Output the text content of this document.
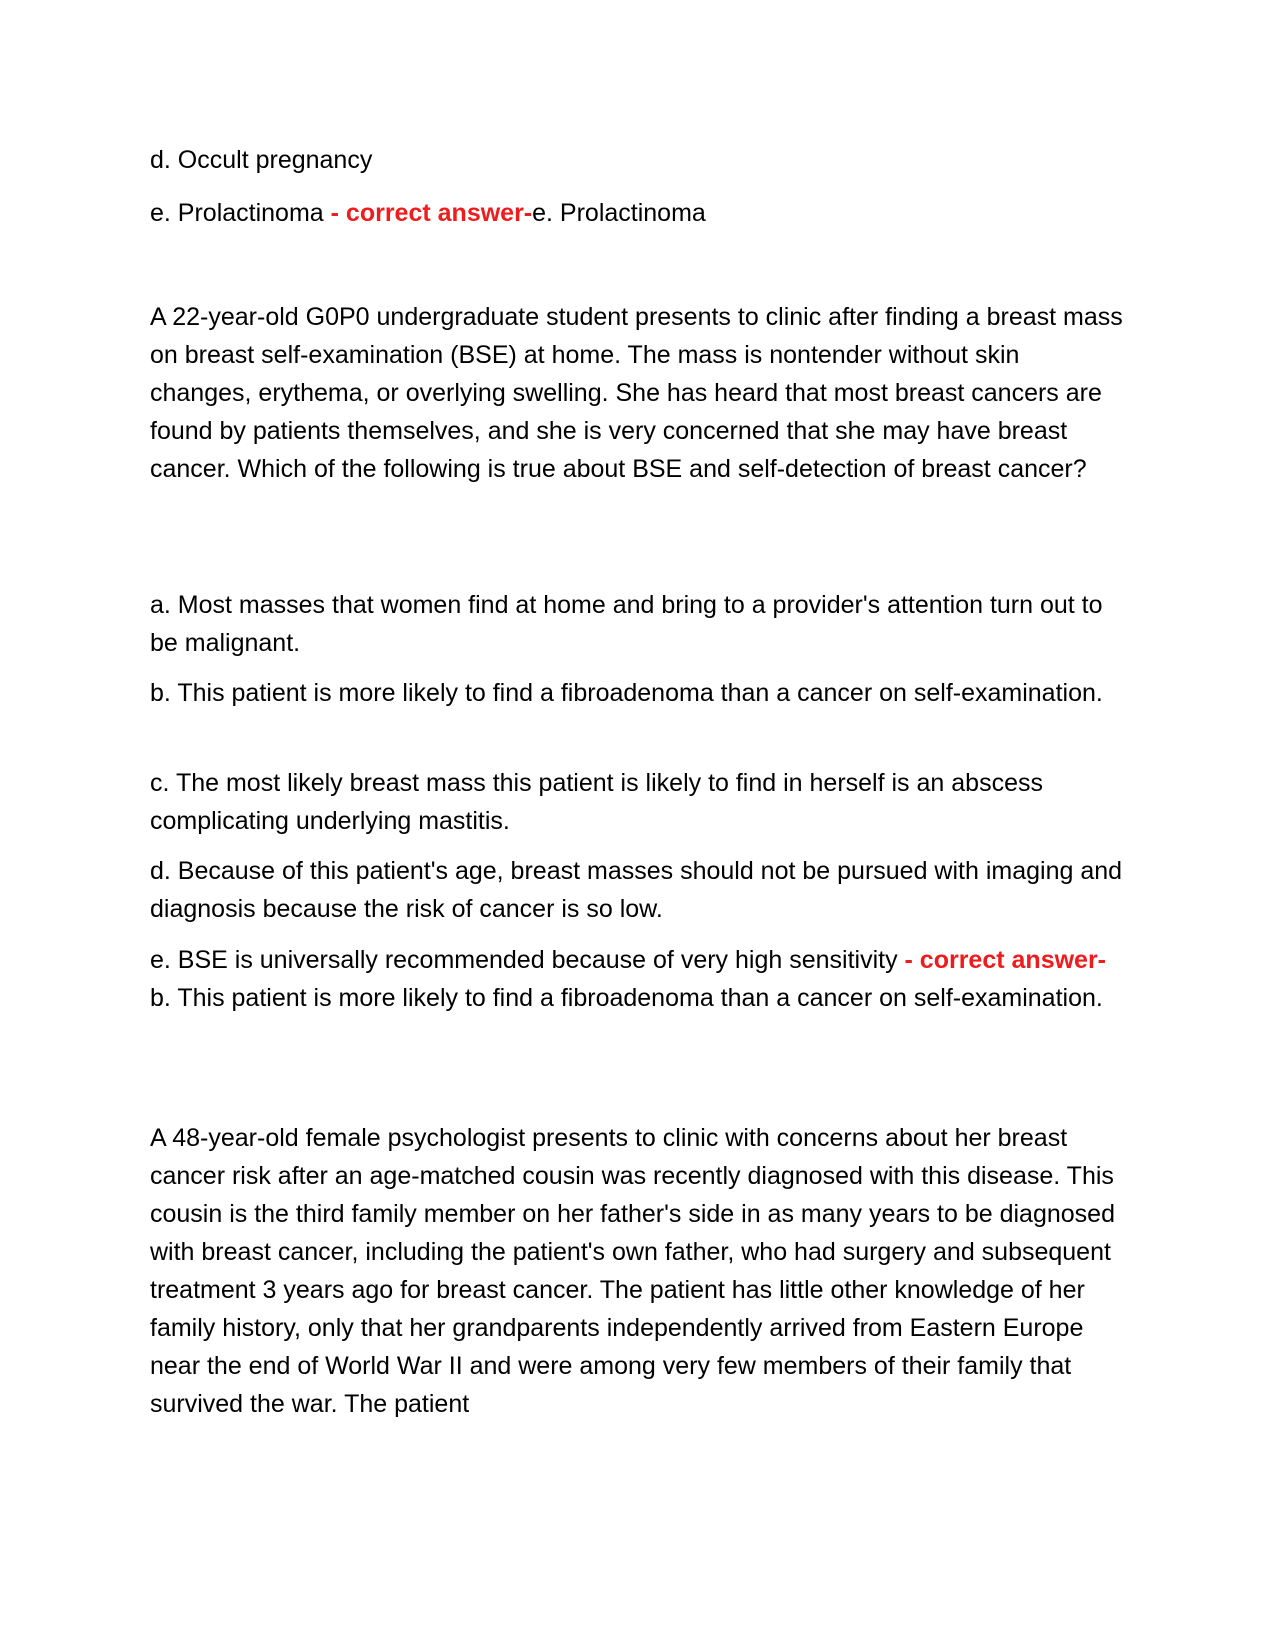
d. Occult pregnancy

e. Prolactinoma - correct answer-e. Prolactinoma

A 22-year-old G0P0 undergraduate student presents to clinic after finding a breast mass on breast self-examination (BSE) at home. The mass is nontender without skin changes, erythema, or overlying swelling. She has heard that most breast cancers are found by patients themselves, and she is very concerned that she may have breast cancer. Which of the following is true about BSE and self-detection of breast cancer?

a. Most masses that women find at home and bring to a provider's attention turn out to be malignant.

b. This patient is more likely to find a fibroadenoma than a cancer on self-examination.

c. The most likely breast mass this patient is likely to find in herself is an abscess complicating underlying mastitis.

d. Because of this patient's age, breast masses should not be pursued with imaging and diagnosis because the risk of cancer is so low.

e. BSE is universally recommended because of very high sensitivity - correct answer-b. This patient is more likely to find a fibroadenoma than a cancer on self-examination.

A 48-year-old female psychologist presents to clinic with concerns about her breast cancer risk after an age-matched cousin was recently diagnosed with this disease. This cousin is the third family member on her father's side in as many years to be diagnosed with breast cancer, including the patient's own father, who had surgery and subsequent treatment 3 years ago for breast cancer. The patient has little other knowledge of her family history, only that her grandparents independently arrived from Eastern Europe near the end of World War II and were among very few members of their family that survived the war. The patient
